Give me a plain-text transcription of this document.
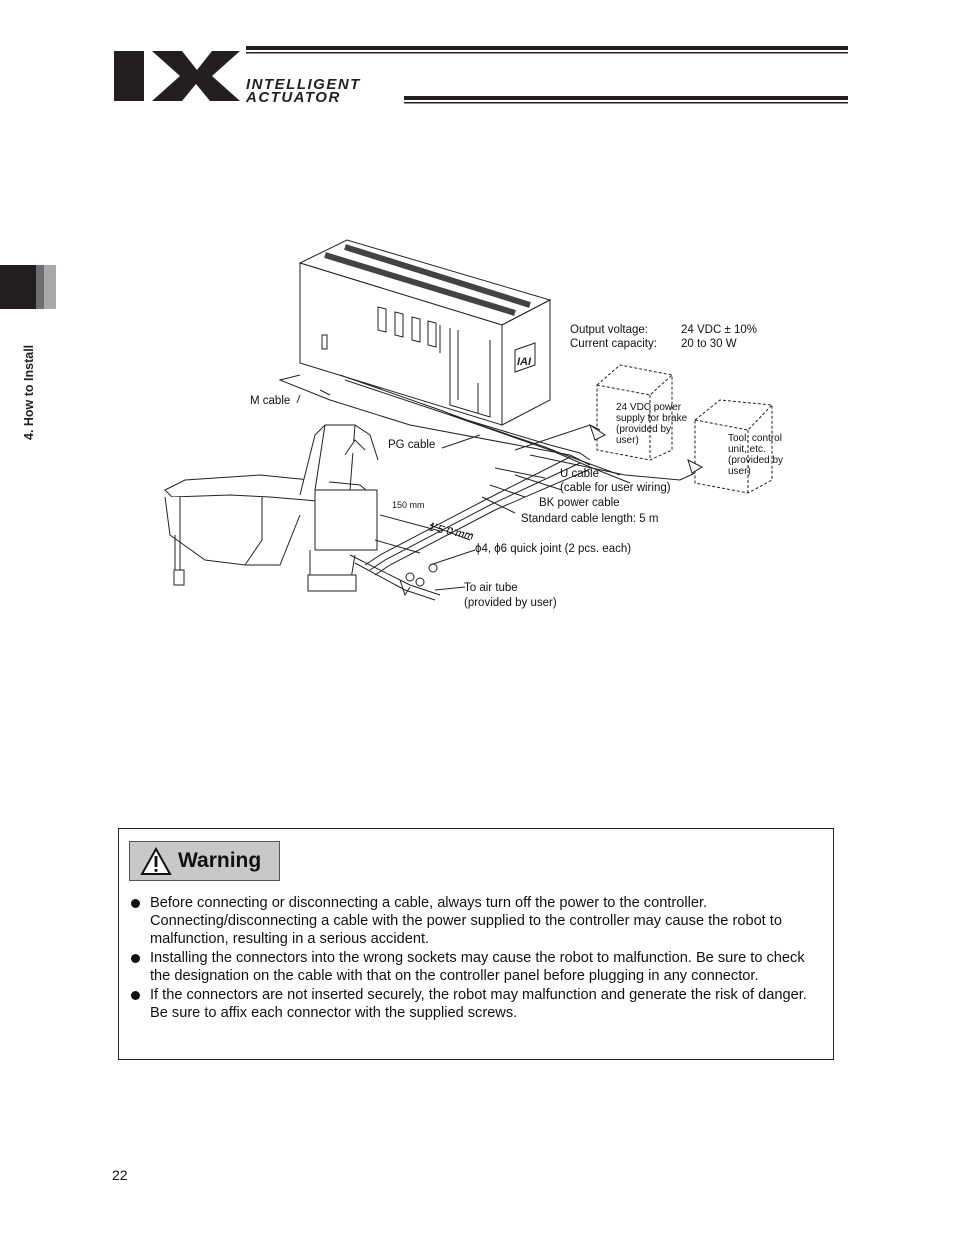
INTELLIGENT
ACTUATOR
4. How to Install	IAI
Output voltage:	24 VDC ± 10%
Current capacity: 20 to 30 W
24 VDC power supply for brake (provided by user)	Tool, control unit, etc. (provided by user)
M cable
PG cable
U cable
(cable for user wiring)
BK power cable
Standard cable length: 5 m
150 mm
1 5 0 mm
ϕ4, ϕ6 quick joint (2 pcs. each)
To air tube
(provided by user)
Warning
Before connecting or disconnecting a cable, always turn off the power to the controller. Connecting/disconnecting a cable with the power supplied to the controller may cause the robot to malfunction, resulting in a serious accident.
Installing the connectors into the wrong sockets may cause the robot to malfunction. Be sure to check the designation on the cable with that on the controller panel before plugging in any connector.
If the connectors are not inserted securely, the robot may malfunction and generate the risk of danger. Be sure to affix each connector with the supplied screws.
22
